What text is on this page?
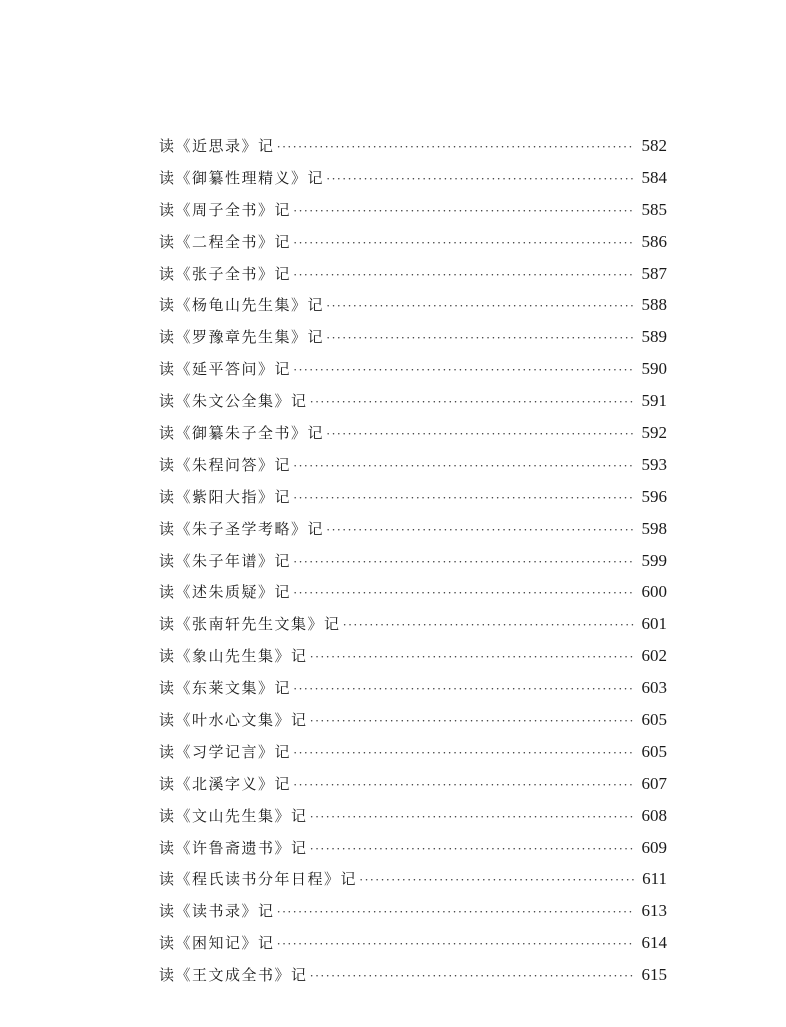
读《近思录》记 ·····	582
读《御纂性理精义》记 ·····	584
读《周子全书》记 ·····	585
读《二程全书》记 ·····	586
读《张子全书》记 ·····	587
读《杨龟山先生集》记 ·····	588
读《罗豫章先生集》记 ·····	589
读《延平答问》记 ·····	590
读《朱文公全集》记 ·····	591
读《御纂朱子全书》记 ·····	592
读《朱程问答》记 ·····	593
读《紫阳大指》记 ·····	596
读《朱子圣学考略》记 ·····	598
读《朱子年谱》记 ·····	599
读《述朱质疑》记 ·····	600
读《张南轩先生文集》记 ·····	601
读《象山先生集》记 ·····	602
读《东莱文集》记 ·····	603
读《叶水心文集》记 ·····	605
读《习学记言》记 ·····	605
读《北溪字义》记 ·····	607
读《文山先生集》记 ·····	608
读《许鲁斋遗书》记 ·····	609
读《程氏读书分年日程》记 ·····	611
读《读书录》记 ·····	613
读《困知记》记 ·····	614
读《王文成全书》记 ·····	615
